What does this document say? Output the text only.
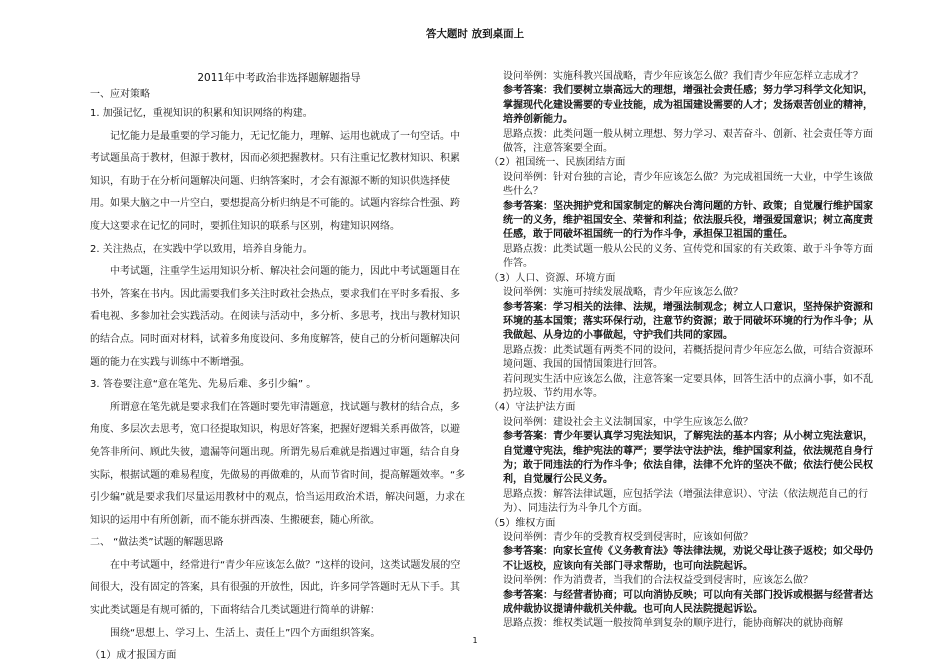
答大题时 放到桌面上
2011年中考政治非选择题解题指导
一、应对策略

1. 加强记忆，重视知识的积累和知识网络的构建。

记忆能力是最重要的学习能力，无记忆能力，理解、运用也就成了一句空话。中考试题虽高于教材，但源于教材，因而必须把握教材。只有注重记忆教材知识、积累知识，有助于在分析问题解决问题、归纳答案时，才会有源源不断的知识供选择使用。如果大脑之中一片空白，要想提高分析归纳是不可能的。试题内容综合性强、跨度大这要求在记忆的同时，要抓住知识的联系与区别，构建知识网络。

2. 关注热点，在实践中学以致用，培养自身能力。

中考试题，注重学生运用知识分析、解决社会问题的能力，因此中考试题题目在书外，答案在书内。因此需要我们多关注时政社会热点，要求我们在平时多看报、多看电视、多参加社会实践活动。在阅读与活动中，多分析、多思考，找出与教材知识的结合点。同时面对材料，试着多角度设问、多角度解答，使自己的分析问题解决问题的能力在实践与训练中不断增强。

3. 答卷要注意“意在笔先、先易后难、多引少编” 。

所谓意在笔先就是要求我们在答题时要先审清题意，找试题与教材的结合点，多角度、多层次去思考，宽口径提取知识，构思好答案，把握好逻辑关系再做答，以避免答非所问、顾此失彼，遗漏等问题出现。所谓先易后难就是指遇过审题，结合自身实际，根据试题的难易程度，先做易的再做难的，从而节省时间，提高解题效率。“多引少编”就是要求我们尽量运用教材中的观点，恰当运用政治术语，解决问题，力求在知识的运用中有所创新，而不能东拼西凑、生搬硬套，随心所欲。

二、 “做法类”试题的解题思路

在中考试题中，经常进行“青少年应该怎么做？”这样的设问，这类试题发展的空间很大，没有固定的答案，具有很强的开放性，因此，许多同学答题时无从下手。其实此类试题是有规可循的，下面将结合几类试题进行简单的讲解：

围绕“思想上、学习上、生活上、责任上”四个方面组织答案。

（1）成才报国方面

设问举例：实施科教兴国战略，青少年应该怎么做？我们青少年应怎样立志成才？

参考答案：我们要树立崇高远大的理想，增强社会责任感；努力学习科学文化知识，掌握现代化建设需要的专业技能，成为祖国建设需要的人才；发扬艰苦创业的精神，培养创新能力。

思路点拨：此类问题一般从树立理想、努力学习、艰苦奋斗、创新、社会责任等方面做答，注意答案要全面。

（2）祖国统一、民族团结方面

设问举例：针对台独的言论，青少年应该怎么做？为完成祖国统一大业，中学生该做些什么？

参考答案：坚决拥护党和国家制定的解决台湾问题的方针、政策；自觉履行维护国家统一的义务，维护祖国安全、荣誉和利益；依法服兵役，增强爱国意识；树立高度责任感，敢于同破坏祖国统一的行为作斗争，承担保卫祖国的重任。

思路点拨：此类试题一般从公民的义务、宣传党和国家的有关政策、敢于斗争等方面作答。

（3）人口、资源、环境方面

设问举例：实施可持续发展战略，青少年应该怎么做？

参考答案：学习相关的法律、法规，增强法制观念；树立人口意识，坚持保护资源和环境的基本国策；落实环保行动，注意节约资源；敢于同破坏环境的行为作斗争；从我做起、从身边的小事做起，守护我们共同的家园。

思路点拨：此类试题有两类不同的设问，若概括提问青少年应怎么做，可结合资源环境问题、我国的国情国策进行回答。

若问现实生活中应该怎么做，注意答案一定要具体，回答生活中的点滴小事，如不乱扔垃圾、节约用水等。

（4）守法护法方面

设问举例：建设社会主义法制国家，中学生应该怎么做？

参考答案：青少年要认真学习宪法知识，了解宪法的基本内容；从小树立宪法意识，自觉遵守宪法，维护宪法的尊严；要学法守法护法，维护国家利益，依法规范自身行为；敢于同违法的行为作斗争；依法自律，法律不允许的坚决不做；依法行使公民权利，自觉履行公民义务。

思路点拨：解答法律试题，应包括学法（增强法律意识）、守法（依法规范自己的行为）、同违法行为斗争几个方面。

（5）维权方面

设问举例：青少年的受教育权受到侵害时，应该如何做？

参考答案：向家长宣传《义务教育法》等法律法规，劝说父母让孩子返校；如父母仍不让返校，应该向有关部门寻求帮助，也可向法院起诉。

设问举例：作为消费者，当我们的合法权益受到侵害时，应该怎么做？

参考答案：与经营者协商；可以向消协反映；可以向有关部门投诉或根据与经营者达成仲裁协议提请仲裁机关仲裁。也可向人民法院提起诉讼。

思路点拨：维权类试题一般按简单到复杂的顺序进行，能协商解决的就协商解

1
